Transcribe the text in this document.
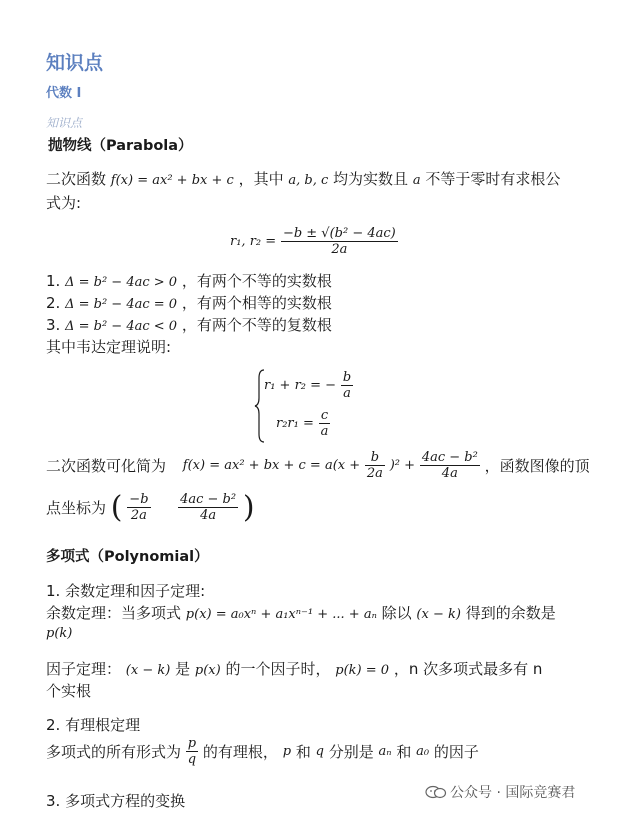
知识点
代数 I
知识点
抛物线（Parabola）
二次函数 f(x) = ax² + bx + c ，其中 a, b, c 均为实数且 a 不等于零时有求根公
式为:
r₁, $r_2 = \frac{\text{−b ± √(b² − 4ac)}}{2a}$
1. Δ = b² − 4ac > 0 ，有两个不等的实数根
2. Δ = b² − 4ac = 0 ，有两个相等的实数根
3. Δ = b² − 4ac < 0 ，有两个不等的复数根
其中韦达定理说明:
r₁ + r₂ = − $\frac{b}{a}$
$r_2r_1 = \frac{c}{a}$
二次函数可化简为 f(x) = ax² + bx + $c = a(x + \frac{b}{2a} )^2 + \frac{\text{4ac − b²}}{4a}$ ，函数图像的顶
点坐标为 ( $\frac{-b}{2a}$
$\frac{\text{4ac − b²}}{4a}$ )
多项式（Polynomial）
1. 余数定理和因子定理:
余数定理：当多项式 p(x) = a₀xⁿ + a₁xⁿ⁻¹ + ... + aₙ 除以 (x − k) 得到的余数是
p(k)
因子定理： (x − k) 是 p(x) 的一个因子时， p(k) = 0 ，n 次多项式最多有 n
个实根
2. 有理根定理
多项式的所有形式为 $\frac{p}{q}$ 的有理根， p 和 q 分别是 aₙ 和 a₀ 的因子
3. 多项式方程的变换	公众号 · 国际竞赛君
